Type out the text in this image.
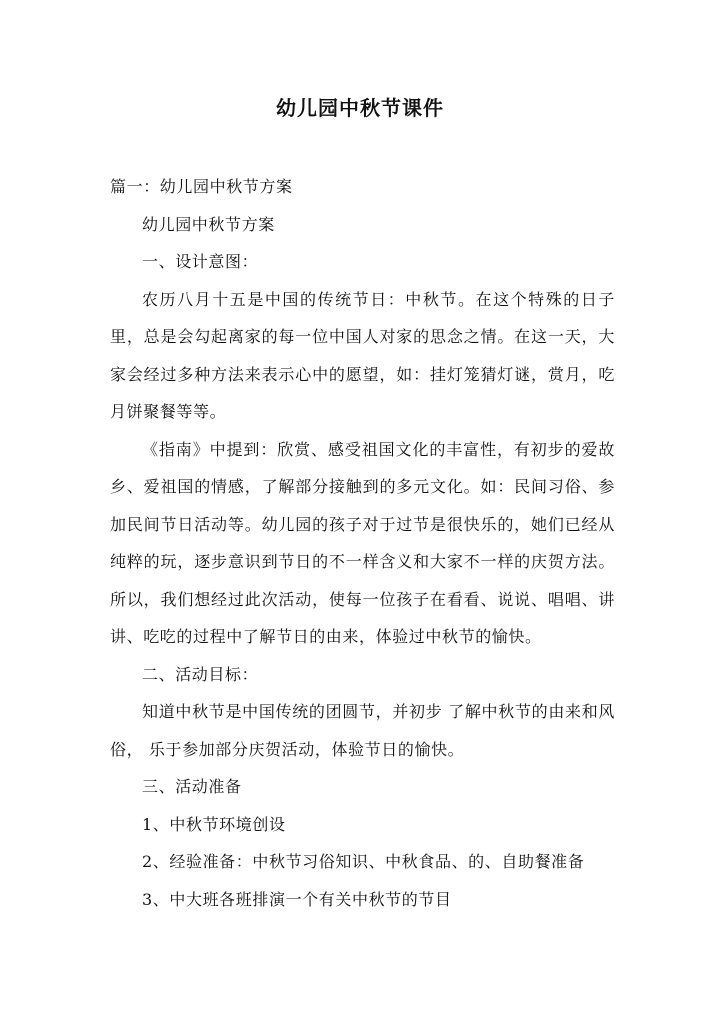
幼儿园中秋节课件

篇一：幼儿园中秋节方案

幼儿园中秋节方案

一、设计意图：

农历八月十五是中国的传统节日：中秋节。在这个特殊的日子里，总是会勾起离家的每一位中国人对家的思念之情。在这一天，大家会经过多种方法来表示心中的愿望，如：挂灯笼猜灯谜，赏月，吃月饼聚餐等等。

《指南》中提到：欣赏、感受祖国文化的丰富性，有初步的爱故乡、爱祖国的情感，了解部分接触到的多元文化。如：民间习俗、参加民间节日活动等。幼儿园的孩子对于过节是很快乐的，她们已经从纯粹的玩，逐步意识到节日的不一样含义和大家不一样的庆贺方法。所以，我们想经过此次活动，使每一位孩子在看看、说说、唱唱、讲讲、吃吃的过程中了解节日的由来，体验过中秋节的愉快。

二、活动目标：

知道中秋节是中国传统的团圆节，并初步 了解中秋节的由来和风俗， 乐于参加部分庆贺活动，体验节日的愉快。

三、活动准备

1、中秋节环境创设

2、经验准备：中秋节习俗知识、中秋食品、的、自助餐准备

3、中大班各班排演一个有关中秋节的节目
